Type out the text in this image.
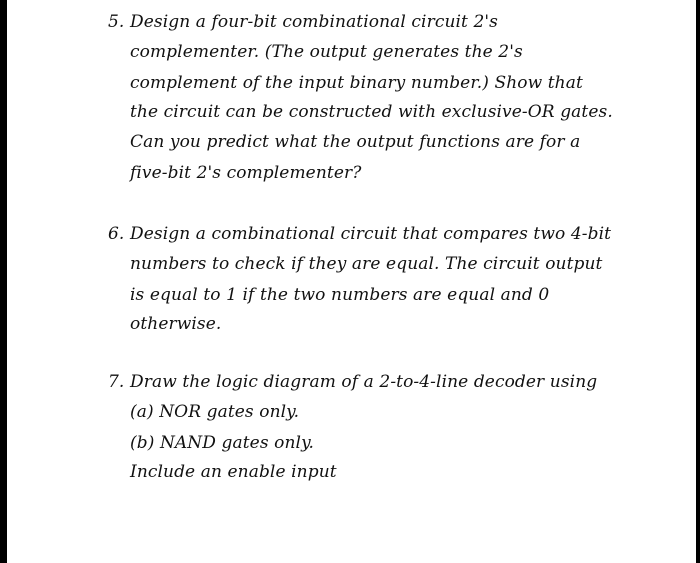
5. Design a four-bit combinational circuit 2's
complementer. (The output generates the 2's
complement of the input binary number.) Show that
the circuit can be constructed with exclusive-OR gates.
Can you predict what the output functions are for a
five-bit 2's complementer?
6. Design a combinational circuit that compares two 4-bit
numbers to check if they are equal. The circuit output
is equal to 1 if the two numbers are equal and 0
otherwise.
7. Draw the logic diagram of a 2-to-4-line decoder using
(a) NOR gates only.
(b) NAND gates only.
Include an enable input
